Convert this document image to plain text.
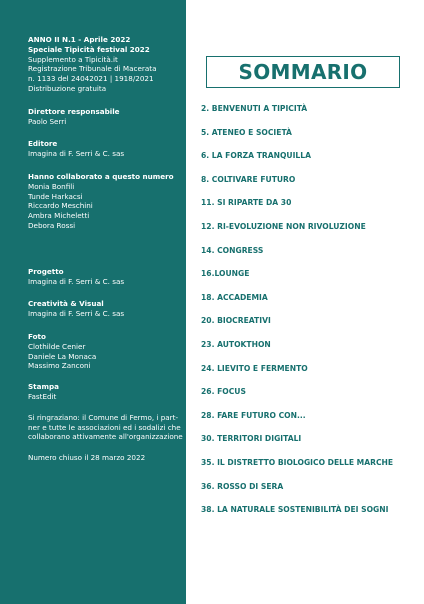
ANNO II N.1 - Aprile 2022
Speciale Tipicità festival 2022
Supplemento a Tipicità.it
Registrazione Tribunale di Macerata
n. 1133 del 24042021 | 1918/2021
Distribuzione gratuita
Direttore responsabile
Paolo Serri
Editore
Imagina di F. Serri & C. sas
Hanno collaborato a questo numero
Monia Bonfili
Tunde Harkacsi
Riccardo Meschini
Ambra Micheletti
Debora Rossi
Progetto
Imagina di F. Serri & C. sas
Creatività & Visual
Imagina di F. Serri & C. sas
Foto
Clothilde Cenier
Daniele La Monaca
Massimo Zanconi
Stampa
FastEdit
Si ringraziano: il Comune di Fermo, i part-
ner e tutte le associazioni ed i sodalizi che
collaborano attivamente all'organizzazione
Numero chiuso il 28 marzo 2022
SOMMARIO
2. BENVENUTI A TIPICITÀ
5. ATENEO E SOCIETÀ
6. LA FORZA TRANQUILLA
8. COLTIVARE FUTURO
11. SI RIPARTE DA 30
12. RI-EVOLUZIONE NON RIVOLUZIONE
14. CONGRESS
16.LOUNGE
18. ACCADEMIA
20. BIOCREATIVI
23. AUTOKTHON
24. LIEVITO E FERMENTO
26. FOCUS
28. FARE FUTURO CON...
30. TERRITORI DIGITALI
35. IL DISTRETTO BIOLOGICO DELLE MARCHE
36. ROSSO DI SERA
38. LA NATURALE SOSTENIBILITÀ DEI SOGNI
